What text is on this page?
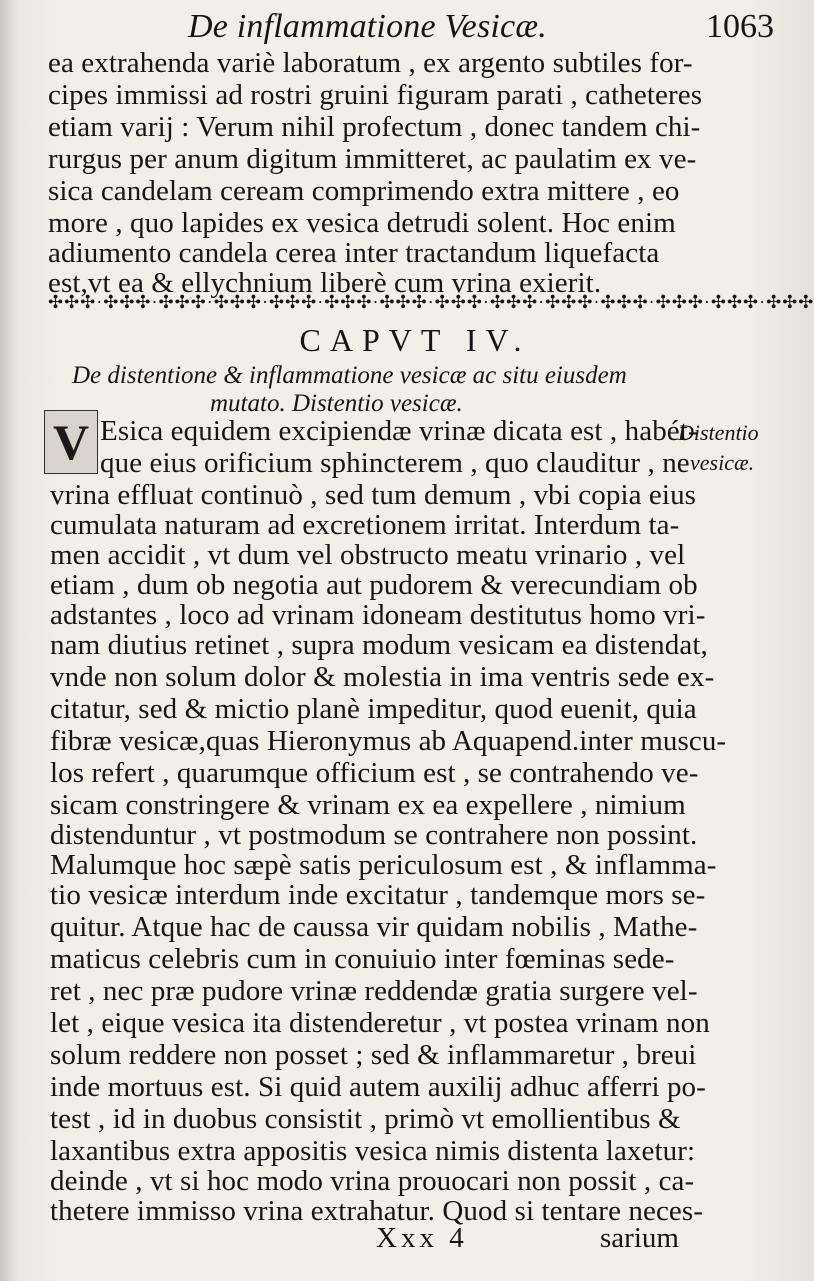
De inflammatione Vesicæ.	1063
ea extrahenda variè laboratum , ex argento subtiles for-
cipes immissi ad rostri gruini figuram parati , catheteres
etiam varij : Verum nihil profectum , donec tandem chi-
rurgus per anum digitum immitteret, ac paulatim ex ve-
sica candelam ceream comprimendo extra mittere , eo
more , quo lapides ex vesica detrudi solent. Hoc enim
adiumento candela cerea inter tractandum liquefacta
est,vt ea & ellychnium liberè cum vrina exierit.
✣✣✣·✣✣✣·✣✣✣·✣✣✣·✣✣✣·✣✣✣·✣✣✣·✣✣✣·✣✣✣·✣✣✣·✣✣✣·✣✣✣·✣✣✣·✣✣✣
CAPVT IV.
De distentione & inflammatione vesicæ ac situ eiusdem
mutato. Distentio vesicæ.
V	Distentio
vesicæ.
Esica equidem excipiendæ vrinæ dicata est , habét-
que eius orificium sphincterem , quo clauditur , ne
vrina effluat continuò , sed tum demum , vbi copia eius
cumulata naturam ad excretionem irritat. Interdum ta-
men accidit , vt dum vel obstructo meatu vrinario , vel
etiam , dum ob negotia aut pudorem & verecundiam ob
adstantes , loco ad vrinam idoneam destitutus homo vri-
nam diutius retinet , supra modum vesicam ea distendat,
vnde non solum dolor & molestia in ima ventris sede ex-
citatur, sed & mictio planè impeditur, quod euenit, quia
fibræ vesicæ,quas Hieronymus ab Aquapend.inter muscu-
los refert , quarumque officium est , se contrahendo ve-
sicam constringere & vrinam ex ea expellere , nimium
distenduntur , vt postmodum se contrahere non possint.
Malumque hoc sæpè satis periculosum est , & inflamma-
tio vesicæ interdum inde excitatur , tandemque mors se-
quitur. Atque hac de caussa vir quidam nobilis , Mathe-
maticus celebris cum in conuiuio inter fœminas sede-
ret , nec præ pudore vrinæ reddendæ gratia surgere vel-
let , eique vesica ita distenderetur , vt postea vrinam non
solum reddere non posset ; sed & inflammaretur , breui
inde mortuus est. Si quid autem auxilij adhuc afferri po-
test , id in duobus consistit , primò vt emollientibus &
laxantibus extra appositis vesica nimis distenta laxetur:
deinde , vt si hoc modo vrina prouocari non possit , ca-
thetere immisso vrina extrahatur. Quod si tentare neces-
Xxx 4	sarium
